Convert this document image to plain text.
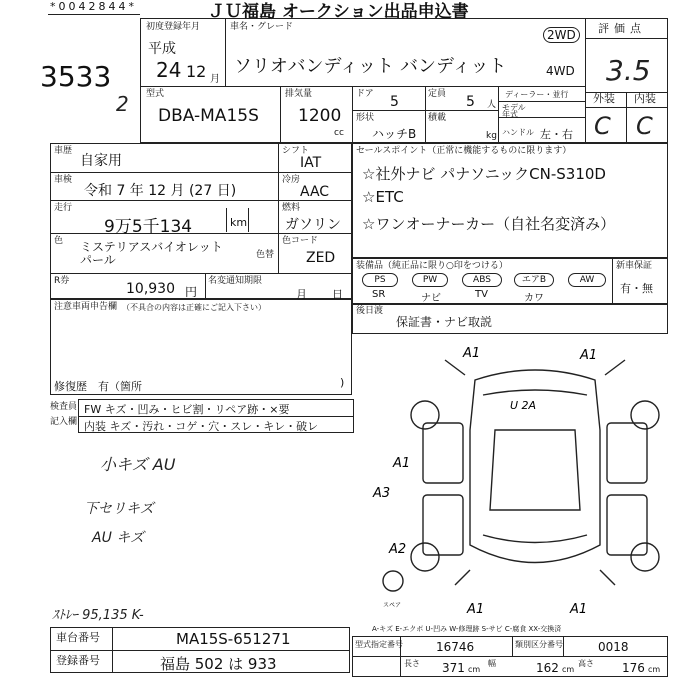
*0042844*	ＪＵ福島 オークション出品申込書
3533
2
初度登録年月
平成
24 12 月
車名・グレード
ソリオバンディット バンディット
2WD
4WD
評価点
3.5
外装 内装
C C
型式
DBA-MA15S
排気量
1200
cc
ドア 5	定員 5 人
形状
ハッチB
積載
kg
ディーラー・並行
モデル年式
ハンドル 左・右
車歴
自家用
シフト
IAT
車検
令和 7 年 12 月 (27 日)
冷房
AAC
走行
9万5千134	km
燃料
ガソリン
色 ミステリアスバイオレット パール	色替
色コード
ZED
R券	10,930 円
名変通知期限
月 日
セールスポイント（正常に機能するものに限ります）
☆社外ナビ パナソニックCN-S310D
☆ETC
☆ワンオーナーカー（自社名変済み）
装備品（純正品に限り○印をつける）	新車保証
有・無
PS
SR
PW
ナビ
ABS
TV
エアB
カワ
AW
後日渡
保証書・ナビ取説
注意車両申告欄 （不具合の内容は正確にご記入下さい）
修復歴 有（箇所	)
検査員
記入欄
FW キズ・凹み・ヒビ割・リペア跡・×要
内装 キズ・汚れ・コゲ・穴・スレ・キレ・破レ
小キズ AU
下セリキズ
AU キズ
ｽﾄﾚｰ 95,135 K-
A1	A1
A1
A3
A2
A1	A1
U 2A
スペア
A-キズ E-エクボ U-凹み W-修理跡 S-サビ C-腐食 XX-交換済
車台番号	MA15S-651271
登録番号	福島 502 は 933
型式指定番号	16746	類別区分番号	0018
長さ 371 cm
幅	162 cm
高さ 176 cm
